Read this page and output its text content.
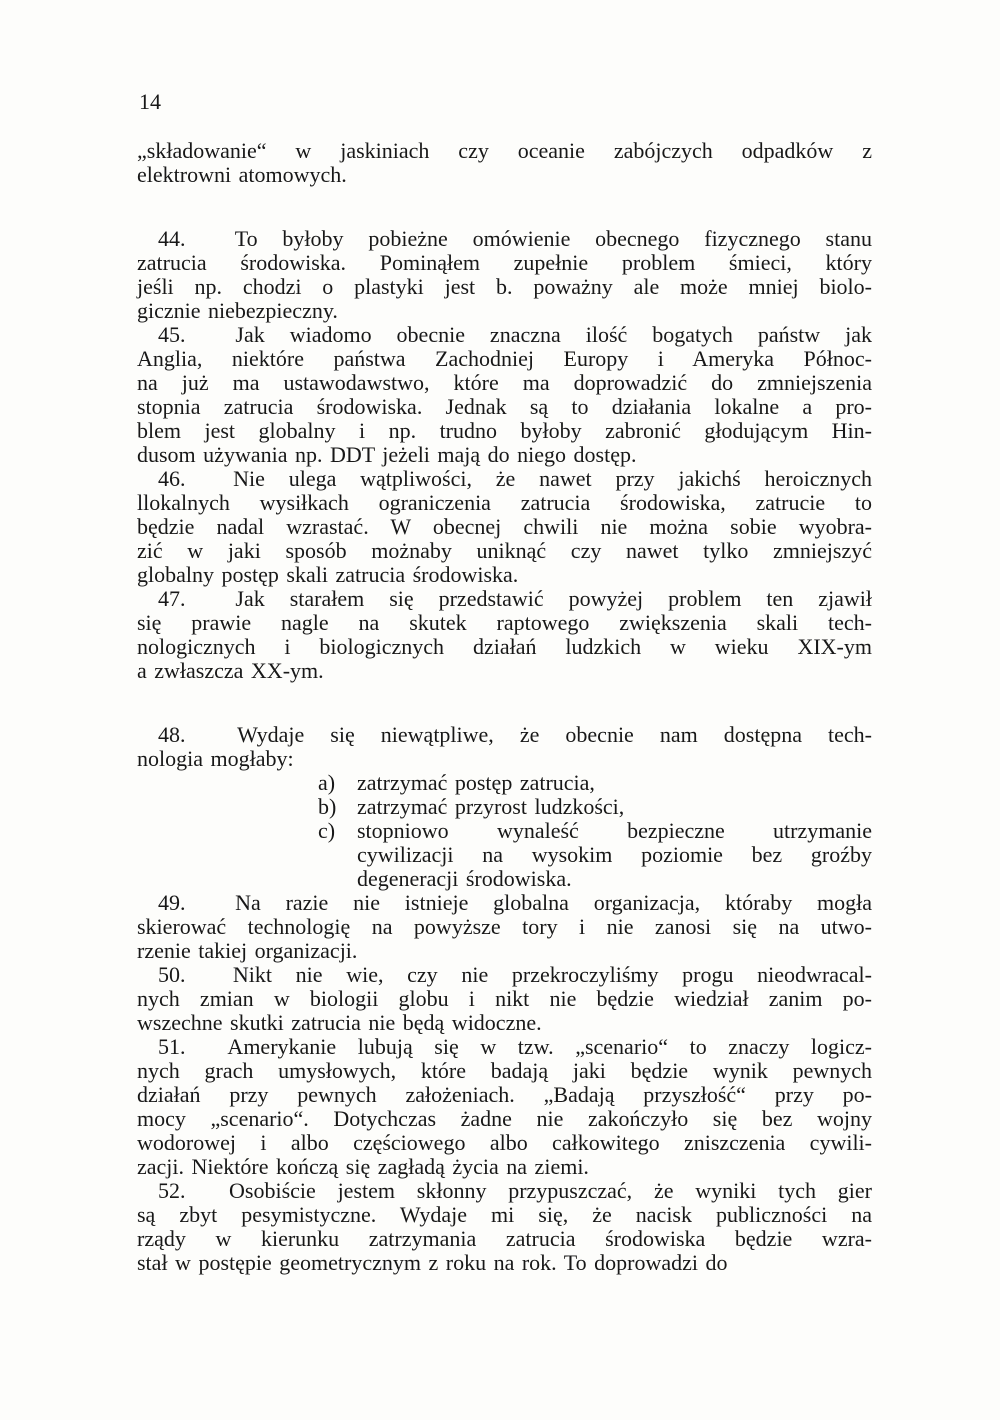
14
„składowanie“ w jaskiniach czy oceanie zabójczych odpadków z
elektrowni atomowych.
44.  To byłoby pobieżne omówienie obecnego fizycznego stanu
zatrucia środowiska. Pominąłem zupełnie problem śmieci, który
jeśli np. chodzi o plastyki jest b. poważny ale może mniej biolo-
gicznie niebezpieczny.
45.  Jak wiadomo obecnie znaczna ilość bogatych państw jak
Anglia, niektóre państwa Zachodniej Europy i Ameryka Północ-
na już ma ustawodawstwo, które ma doprowadzić do zmniejszenia
stopnia zatrucia środowiska. Jednak są to działania lokalne a pro-
blem jest globalny i np. trudno byłoby zabronić głodującym Hin-
dusom używania np. DDT jeżeli mają do niego dostęp.
46.  Nie ulega wątpliwości, że nawet przy jakichś heroicznych
llokalnych wysiłkach ograniczenia zatrucia środowiska, zatrucie to
będzie nadal wzrastać. W obecnej chwili nie można sobie wyobra-
zić w jaki sposób możnaby uniknąć czy nawet tylko zmniejszyć
globalny postęp skali zatrucia środowiska.
47.  Jak starałem się przedstawić powyżej problem ten zjawił
się prawie nagle na skutek raptowego zwiększenia skali tech-
nologicznych i biologicznych działań ludzkich w wieku XIX-ym
a zwłaszcza XX-ym.
48.  Wydaje się niewątpliwe, że obecnie nam dostępna tech-
nologia mogłaby:
a) zatrzymać postęp zatrucia,
b) zatrzymać przyrost ludzkości,
c) stopniowo wynaleść bezpieczne utrzymanie
cywilizacji na wysokim poziomie bez groźby
degeneracji środowiska.
49.  Na razie nie istnieje globalna organizacja, któraby mogła
skierować technologię na powyższe tory i nie zanosi się na utwo-
rzenie takiej organizacji.
50.  Nikt nie wie, czy nie przekroczyliśmy progu nieodwracal-
nych zmian w biologii globu i nikt nie będzie wiedział zanim po-
wszechne skutki zatrucia nie będą widoczne.
51.  Amerykanie lubują się w tzw. „scenario“ to znaczy logicz-
nych grach umysłowych, które badają jaki będzie wynik pewnych
działań przy pewnych założeniach. „Badają przyszłość“ przy po-
mocy „scenario“. Dotychczas żadne nie zakończyło się bez wojny
wodorowej i albo częściowego albo całkowitego zniszczenia cywili-
zacji. Niektóre kończą się zagładą życia na ziemi.
52.  Osobiście jestem skłonny przypuszczać, że wyniki tych gier
są zbyt pesymistyczne. Wydaje mi się, że nacisk publiczności na
rządy w kierunku zatrzymania zatrucia środowiska będzie wzra-
stał w postępie geometrycznym z roku na rok. To doprowadzi do
